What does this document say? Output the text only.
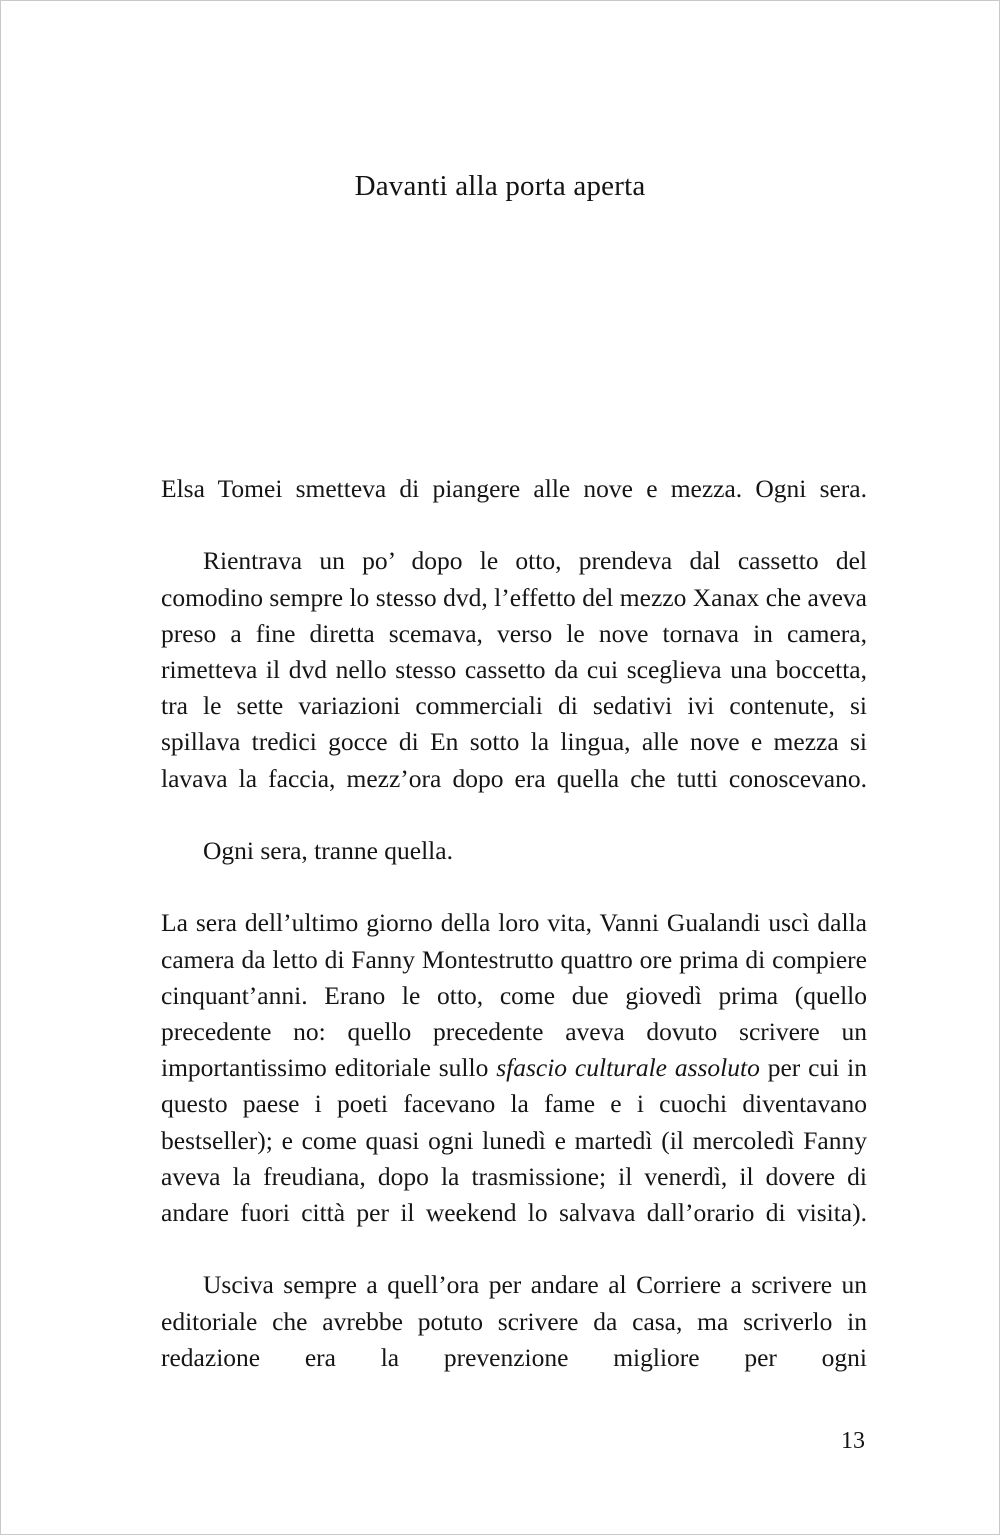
Davanti alla porta aperta

Elsa Tomei smetteva di piangere alle nove e mezza. Ogni sera.

Rientrava un po’ dopo le otto, prendeva dal cassetto del comodino sempre lo stesso dvd, l’effetto del mezzo Xanax che aveva preso a fine diretta scemava, verso le nove tornava in camera, rimetteva il dvd nello stesso cassetto da cui sceglieva una boccetta, tra le sette variazioni commerciali di sedativi ivi contenute, si spillava tredici gocce di En sotto la lingua, alle nove e mezza si lavava la faccia, mezz’ora dopo era quella che tutti conoscevano.

Ogni sera, tranne quella.

La sera dell’ultimo giorno della loro vita, Vanni Gualandi uscì dalla camera da letto di Fanny Montestrutto quattro ore prima di compiere cinquant’anni. Erano le otto, come due giovedì prima (quello precedente no: quello precedente aveva dovuto scrivere un importantissimo editoriale sullo sfascio culturale assoluto per cui in questo paese i poeti facevano la fame e i cuochi diventavano bestseller); e come quasi ogni lunedì e martedì (il mercoledì Fanny aveva la freudiana, dopo la trasmissione; il venerdì, il dovere di andare fuori città per il weekend lo salvava dall’orario di visita).

Usciva sempre a quell’ora per andare al Corriere a scrivere un editoriale che avrebbe potuto scrivere da casa, ma scriverlo in redazione era la prevenzione migliore per ogni

13
